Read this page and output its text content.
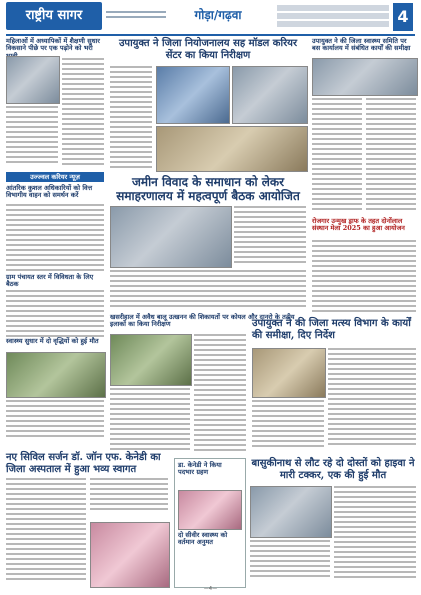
राष्ट्रीय सागर	गोड़ा/गढ़वा	4
महिलाओं में अध्यापिकों में शैक्षणी सुधार विकसाने पीछे पर एक पढ़ोने को भरी	उपायुक्त ने जिला नियोजनालय सह मॉडल करियर सेंटर का किया निरीक्षण
उपायुक्त ने की जिला स्वास्थ्य समिति पर बस कार्यालय में संबंधित कार्यों की समीक्षा
उज्ज्वल करियर न्यूज़
आंतरिक कुशल अधिकारियों को वित्त विभागीय वाहन को समर्थन करें
ग्राम पंचायत स्तर में विविधता के लिए बैठक
स्वास्थ्य सुधार में दो वृद्धियों को हुई मौत
जमीन विवाद के समाधान को लेकर समाहरणालय में महत्वपूर्ण बैठक आयोजित
रोजगार उन्मुख ड्राफ के तहत दोनोंलाल संस्थान मेला 2025 का हुआ आयोजन
खसरीहाल में अवैध बालू उत्खनन की शिकायतों पर कोयल और दानरो के तटीय इलाकों का किया निरीक्षण	उपायुक्त ने की जिला मत्स्य विभाग के कार्यों की समीक्षा, दिए निर्देश
नए सिविल सर्जन डॉ. जॉन एफ. केनेडी का जिला अस्पताल में हुआ भव्य स्वागत	डा. केनेडी ने किया पदभार ग्रहण
दो सीवीर स्वास्थ्य को वर्तमान अनुमत
बासुकीनाथ से लौट रहे दो दोस्तों को हाइवा ने मारी टक्कर, एक की हुई मौत
—4—
